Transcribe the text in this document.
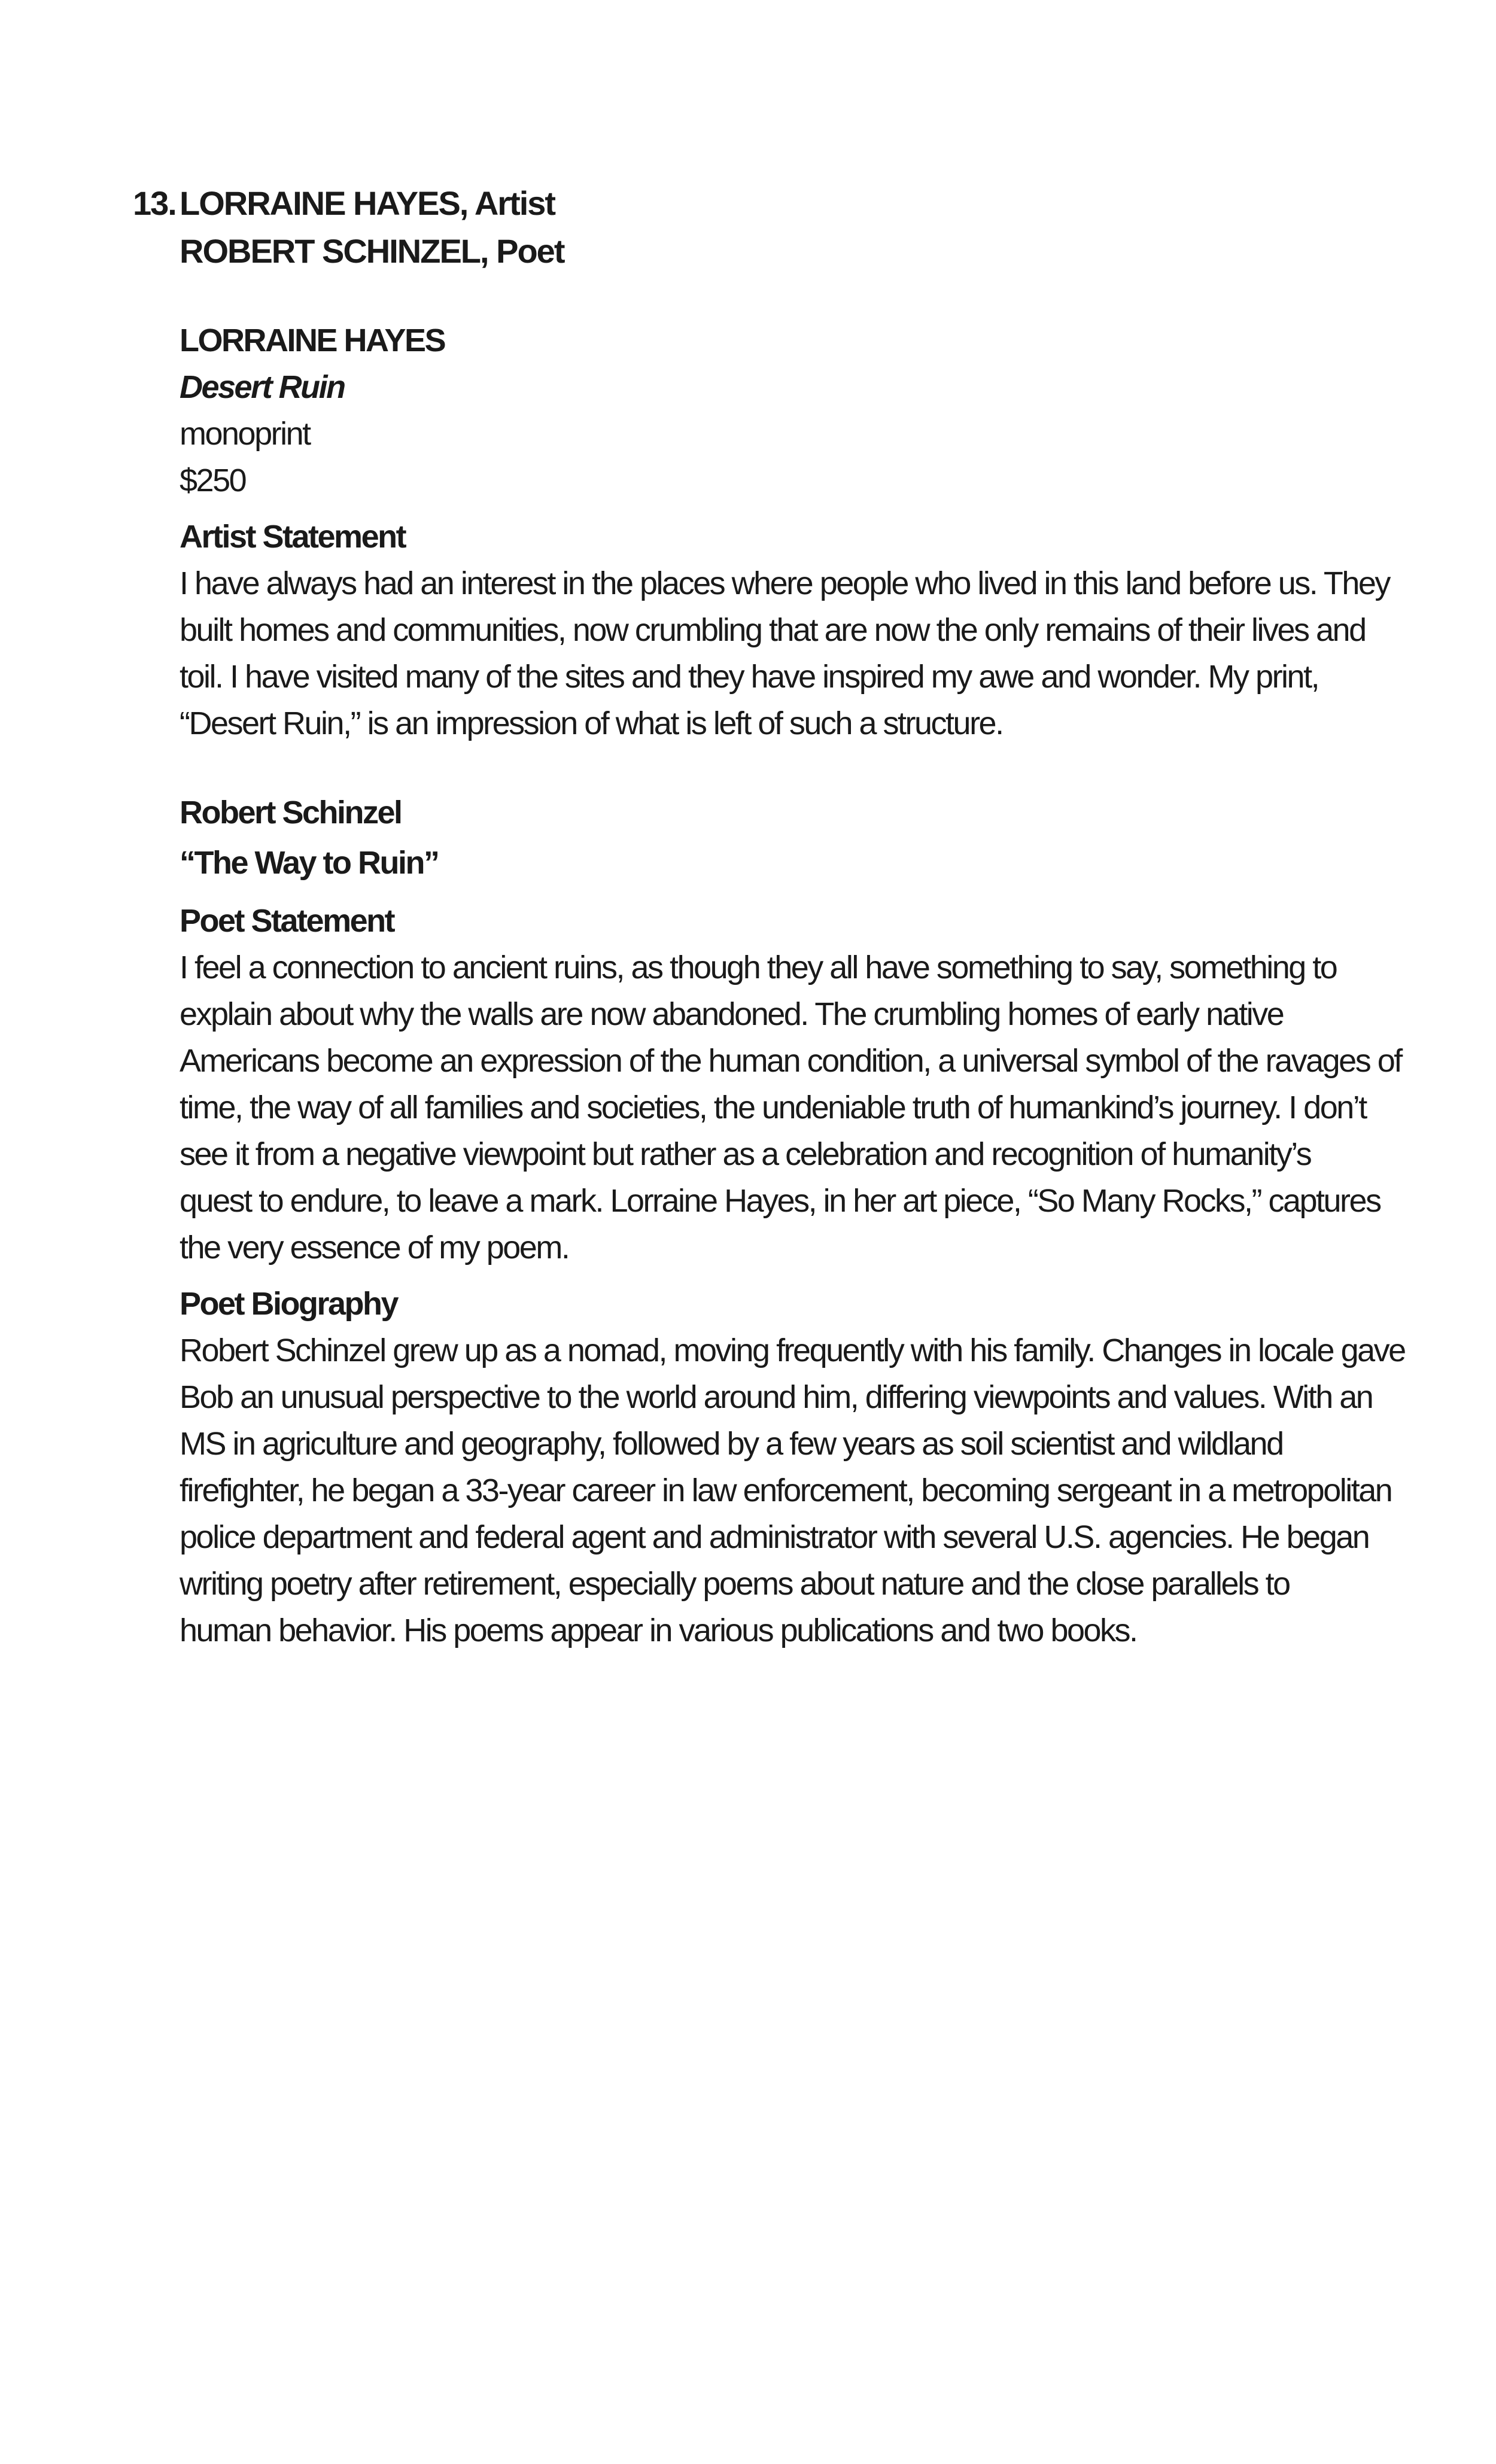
13. LORRAINE HAYES, Artist
ROBERT SCHINZEL, Poet
LORRAINE HAYES
Desert Ruin
monoprint
$250
Artist Statement
I have always had an interest in the places where people who lived in this land before us. They
built homes and communities, now crumbling that are now the only remains of their lives and
toil. I have visited many of the sites and they have inspired my awe and wonder. My print,
“Desert Ruin,” is an impression of what is left of such a structure.
Robert Schinzel
“The Way to Ruin”
Poet Statement
I feel a connection to ancient ruins, as though they all have something to say, something to
explain about why the walls are now abandoned. The crumbling homes of early native
Americans become an expression of the human condition, a universal symbol of the ravages of
time, the way of all families and societies, the undeniable truth of humankind’s journey. I don’t
see it from a negative viewpoint but rather as a celebration and recognition of humanity’s
quest to endure, to leave a mark. Lorraine Hayes, in her art piece, “So Many Rocks,” captures
the very essence of my poem.
Poet Biography
Robert Schinzel grew up as a nomad, moving frequently with his family. Changes in locale gave
Bob an unusual perspective to the world around him, differing viewpoints and values. With an
MS in agriculture and geography, followed by a few years as soil scientist and wildland
firefighter, he began a 33-year career in law enforcement, becoming sergeant in a metropolitan
police department and federal agent and administrator with several U.S. agencies. He began
writing poetry after retirement, especially poems about nature and the close parallels to
human behavior. His poems appear in various publications and two books.
